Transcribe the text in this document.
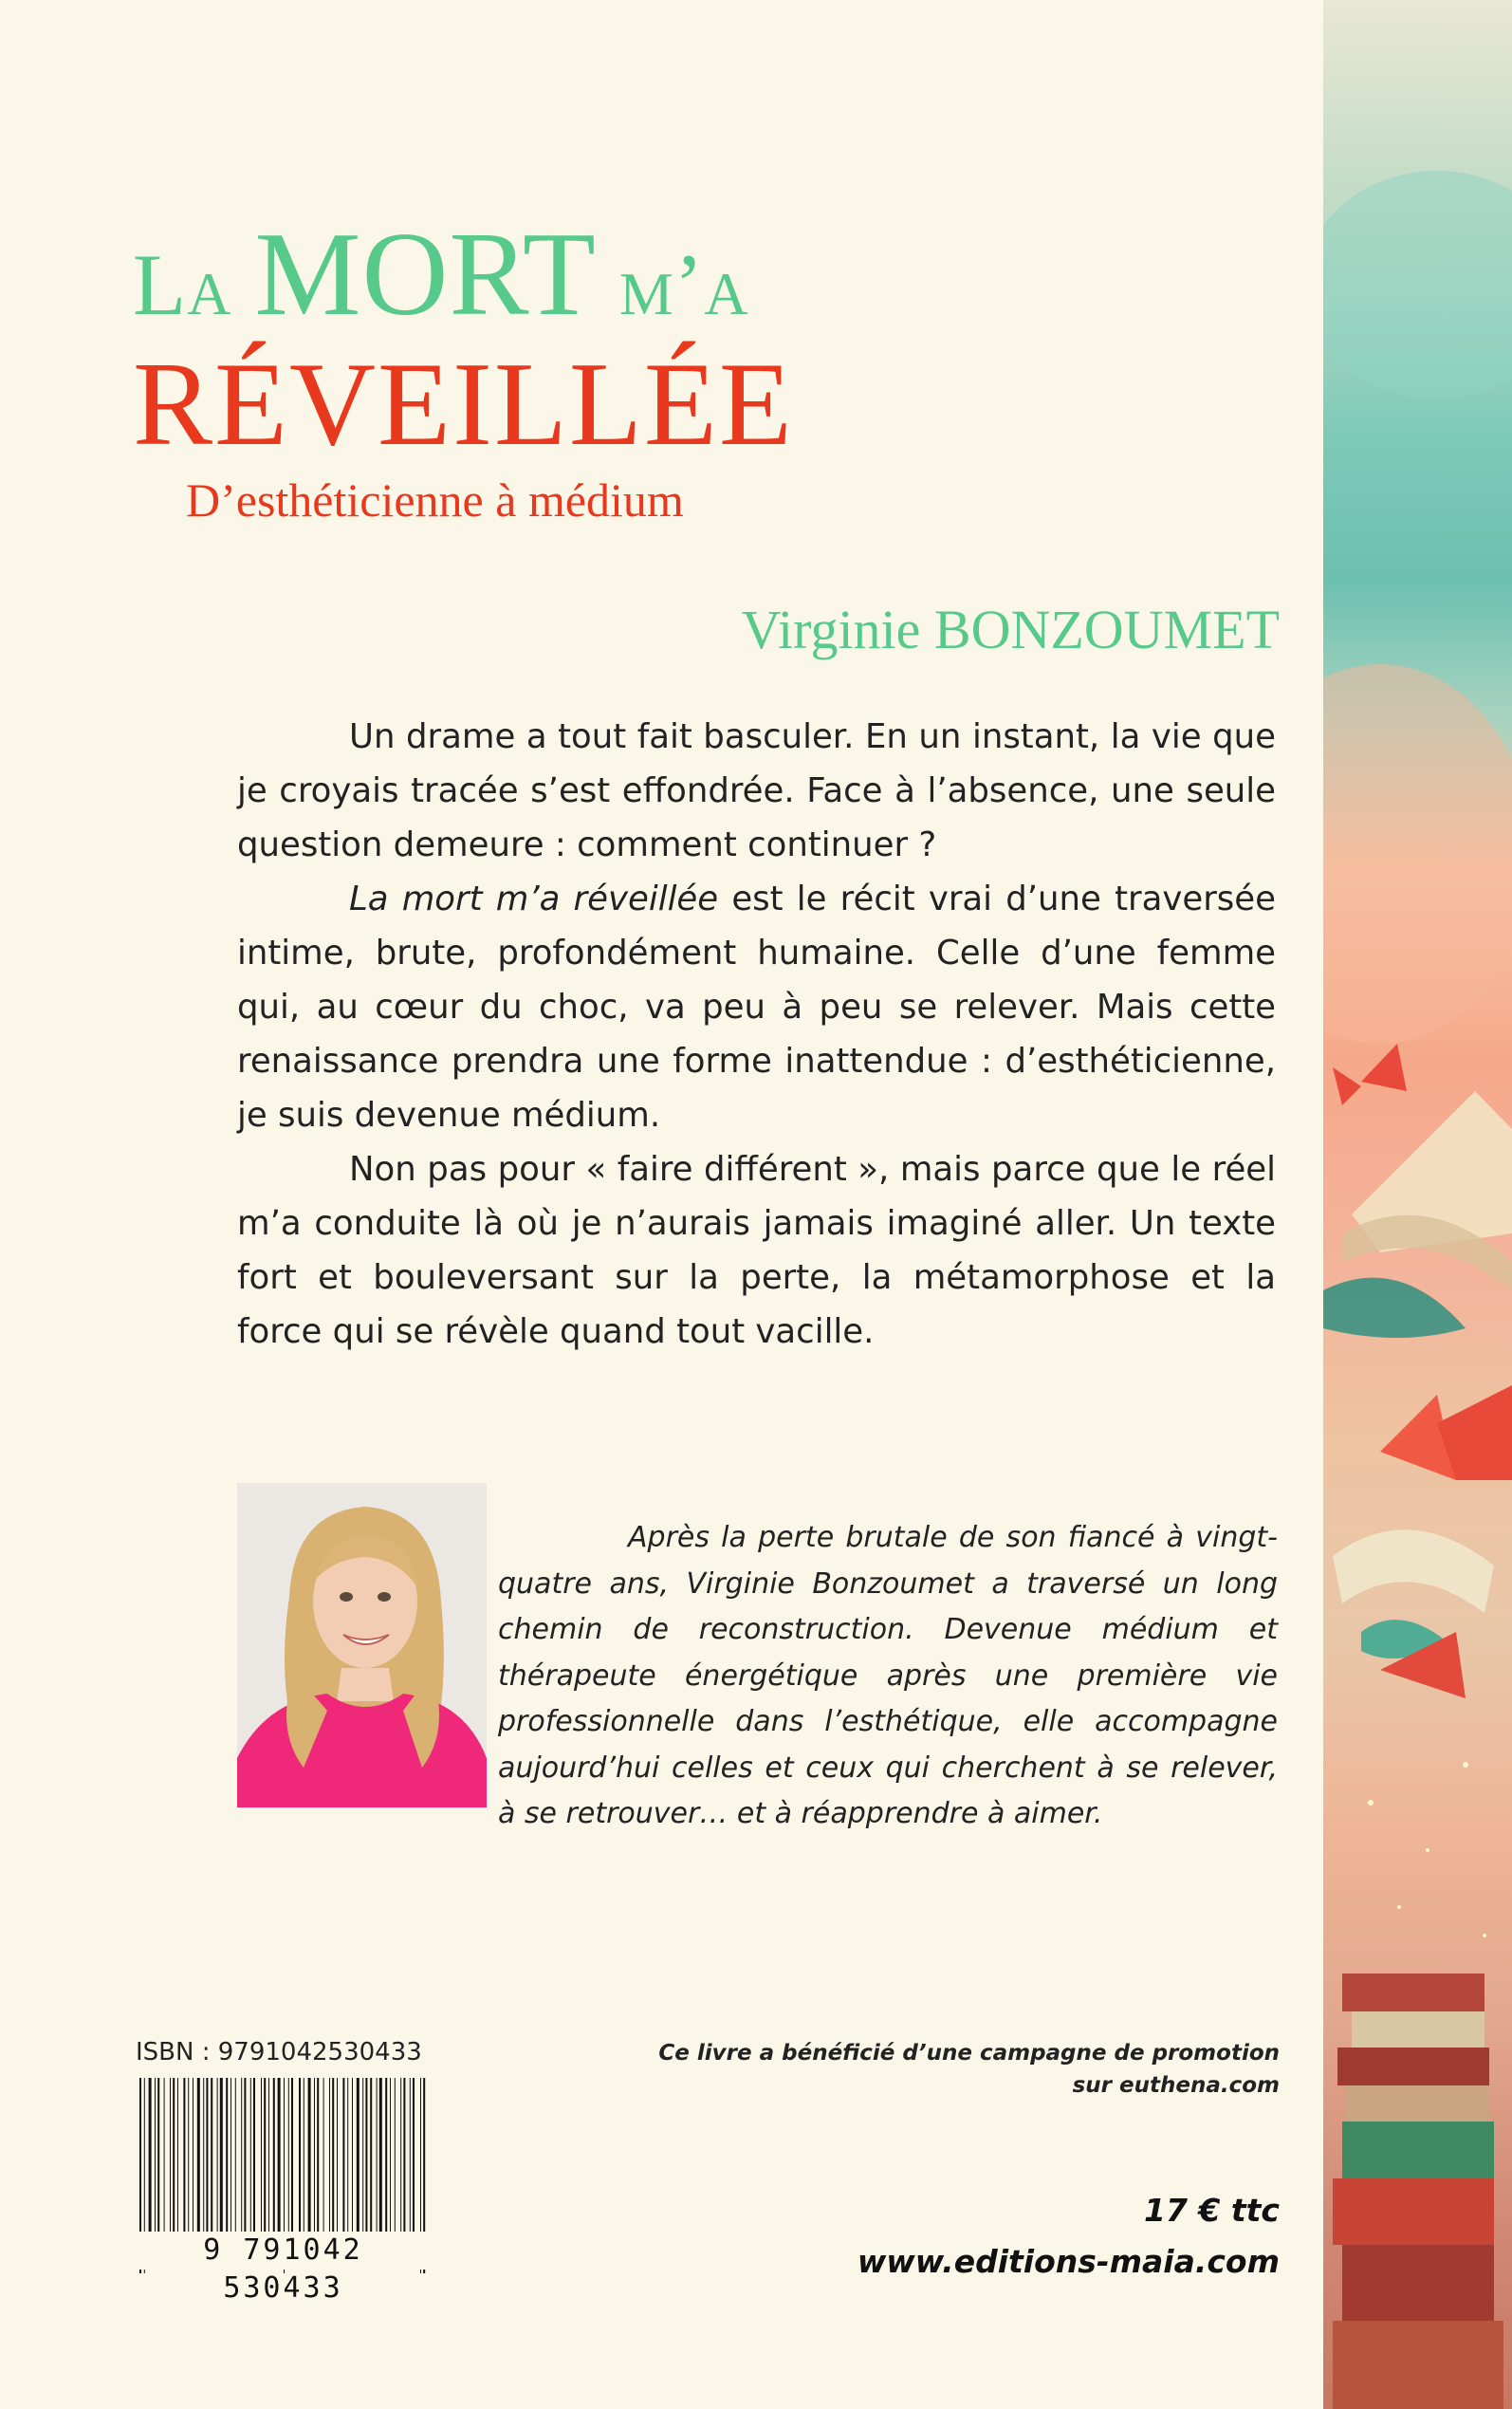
La MORT m’a
RÉVEILLÉE
D’esthéticienne à médium
Virginie BONZOUMET

Un drame a tout fait basculer. En un instant, la vie que je croyais tracée s’est effondrée. Face à l’absence, une seule question demeure : comment continuer ?

La mort m’a réveillée est le récit vrai d’une traversée intime, brute, profondément humaine. Celle d’une femme qui, au cœur du choc, va peu à peu se relever. Mais cette renaissance prendra une forme inattendue : d’esthéticienne, je suis devenue médium.

Non pas pour « faire différent », mais parce que le réel m’a conduite là où je n’aurais jamais imaginé aller. Un texte fort et bouleversant sur la perte, la métamorphose et la force qui se révèle quand tout vacille.

Après la perte brutale de son fiancé à vingt-quatre ans, Virginie Bonzoumet a traversé un long chemin de reconstruction. Devenue médium et thérapeute énergétique après une première vie professionnelle dans l’esthétique, elle accompagne aujourd’hui celles et ceux qui cherchent à se relever, à se retrouver… et à réapprendre à aimer.

ISBN : 9791042530433
9 791042 530433
Ce livre a bénéficié d’une campagne de promotion
sur euthena.com
17 € ttc
www.editions-maia.com
